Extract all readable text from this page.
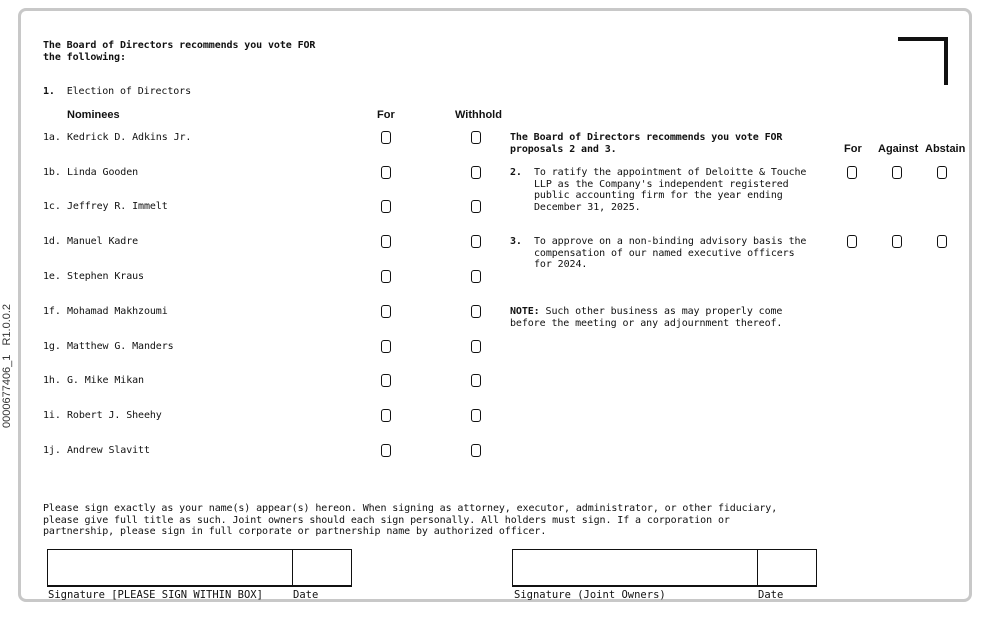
0000677406_1 R1.0.0.2
The Board of Directors recommends you vote FOR
the following:
1. Election of Directors
Nominees	For	Withhold
1a. Kedrick D. Adkins Jr.
1b. Linda Gooden
1c. Jeffrey R. Immelt
1d. Manuel Kadre
1e. Stephen Kraus
1f. Mohamad Makhzoumi
1g. Matthew G. Manders
1h. G. Mike Mikan
1i. Robert J. Sheehy
1j. Andrew Slavitt
The Board of Directors recommends you vote FOR
proposals 2 and 3.	For Against Abstain
2. To ratify the appointment of Deloitte & Touche
LLP as the Company's independent registered
public accounting firm for the year ending
December 31, 2025.
3. To approve on a non-binding advisory basis the
compensation of our named executive officers
for 2024.
NOTE: Such other business as may properly come
before the meeting or any adjournment thereof.
Please sign exactly as your name(s) appear(s) hereon. When signing as attorney, executor, administrator, or other fiduciary,
please give full title as such. Joint owners should each sign personally. All holders must sign. If a corporation or
partnership, please sign in full corporate or partnership name by authorized officer.
Signature [PLEASE SIGN WITHIN BOX]	Date	Signature (Joint Owners)	Date
